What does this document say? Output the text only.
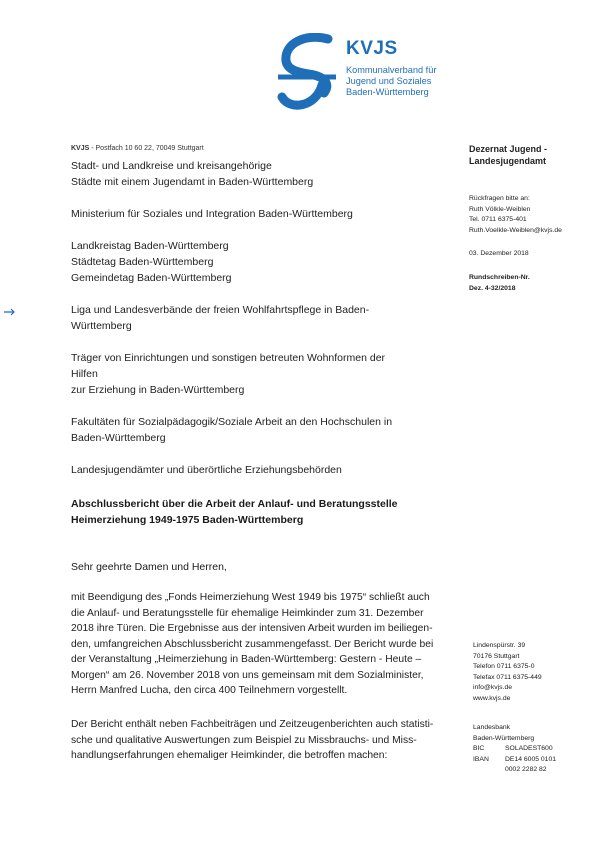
KVJS
Kommunalverband für
Jugend und Soziales
Baden-Württemberg
KVJS - Postfach 10 60 22, 70049 Stuttgart
Stadt- und Landkreise und kreisangehörige
Städte mit einem Jugendamt in Baden-Württemberg
Ministerium für Soziales und Integration Baden-Württemberg
Landkreistag Baden-Württemberg
Städtetag Baden-Württemberg
Gemeindetag Baden-Württemberg
Liga und Landesverbände der freien Wohlfahrtspflege in Baden-
Württemberg
Träger von Einrichtungen und sonstigen betreuten Wohnformen der Hilfen
zur Erziehung in Baden-Württemberg
Fakultäten für Sozialpädagogik/Soziale Arbeit an den Hochschulen in
Baden-Württemberg
Landesjugendämter und überörtliche Erziehungsbehörden
Dezernat Jugend -
Landesjugendamt
Rückfragen bitte an:
Ruth Völkle-Weiblen
Tel. 0711 6375-401
Ruth.Voelkle-Weiblen@kvjs.de
03. Dezember 2018
Rundschreiben-Nr.
Dez. 4-32/2018
Abschlussbericht über die Arbeit der Anlauf- und Beratungsstelle
Heimerziehung 1949-1975 Baden-Württemberg
Sehr geehrte Damen und Herren,
mit Beendigung des „Fonds Heimerziehung West 1949 bis 1975“ schließt auch
die Anlauf- und Beratungsstelle für ehemalige Heimkinder zum 31. Dezember
2018 ihre Türen. Die Ergebnisse aus der intensiven Arbeit wurden im beiliegen-
den, umfangreichen Abschlussbericht zusammengefasst. Der Bericht wurde bei
der Veranstaltung „Heimerziehung in Baden-Württemberg: Gestern - Heute –
Morgen“ am 26. November 2018 von uns gemeinsam mit dem Sozialminister,
Herrn Manfred Lucha, den circa 400 Teilnehmern vorgestellt.
Der Bericht enthält neben Fachbeiträgen und Zeitzeugenberichten auch statisti-
sche und qualitative Auswertungen zum Beispiel zu Missbrauchs- und Miss-
handlungserfahrungen ehemaliger Heimkinder, die betroffen machen:
Lindenspürstr. 39
70176 Stuttgart
Telefon 0711 6375-0
Telefax 0711 6375-449
info@kvjs.de
www.kvjs.de
Landesbank
Baden-Württemberg
BIC	SOLADEST600
IBAN	DE14 6005 0101
0002 2282 82
